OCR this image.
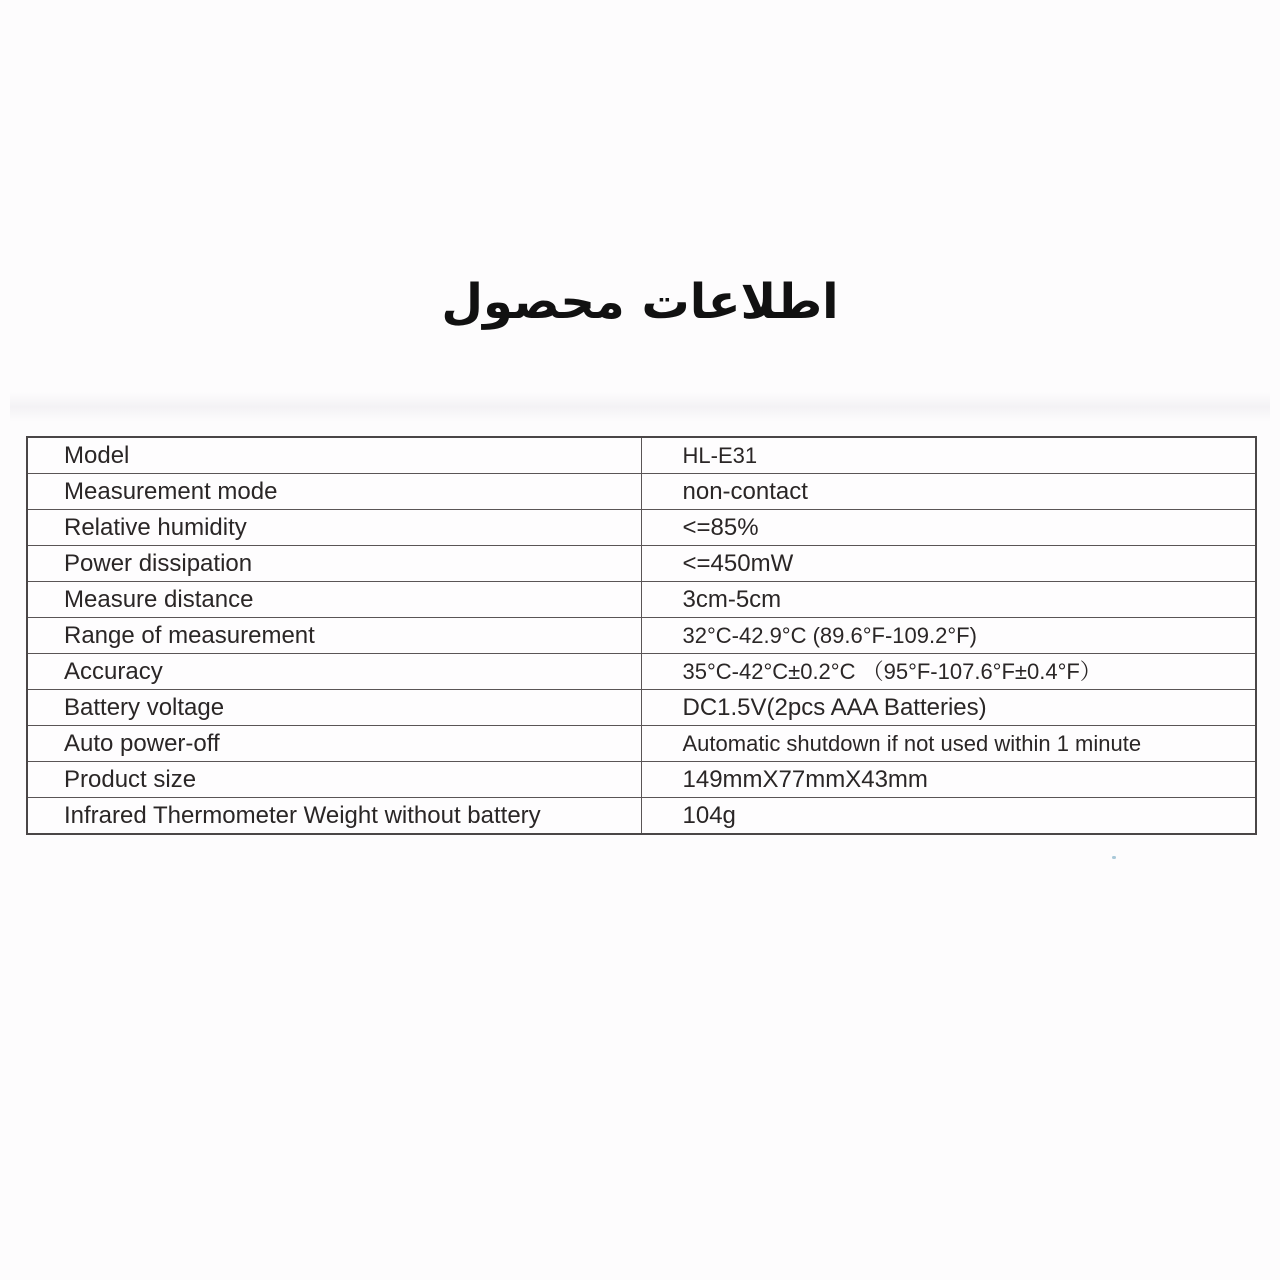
اطلاعات محصول
Model	HL-E31
Measurement mode	non-contact
Relative humidity	<=85%
Power dissipation	<=450mW
Measure distance	3cm-5cm
Range of measurement	32°C-42.9°C (89.6°F-109.2°F)
Accuracy	35°C-42°C±0.2°C （95°F-107.6°F±0.4°F）
Battery voltage	DC1.5V(2pcs AAA Batteries)
Auto power-off	Automatic shutdown if not used within 1 minute
Product size	149mmX77mmX43mm
Infrared Thermometer Weight without battery	104g
